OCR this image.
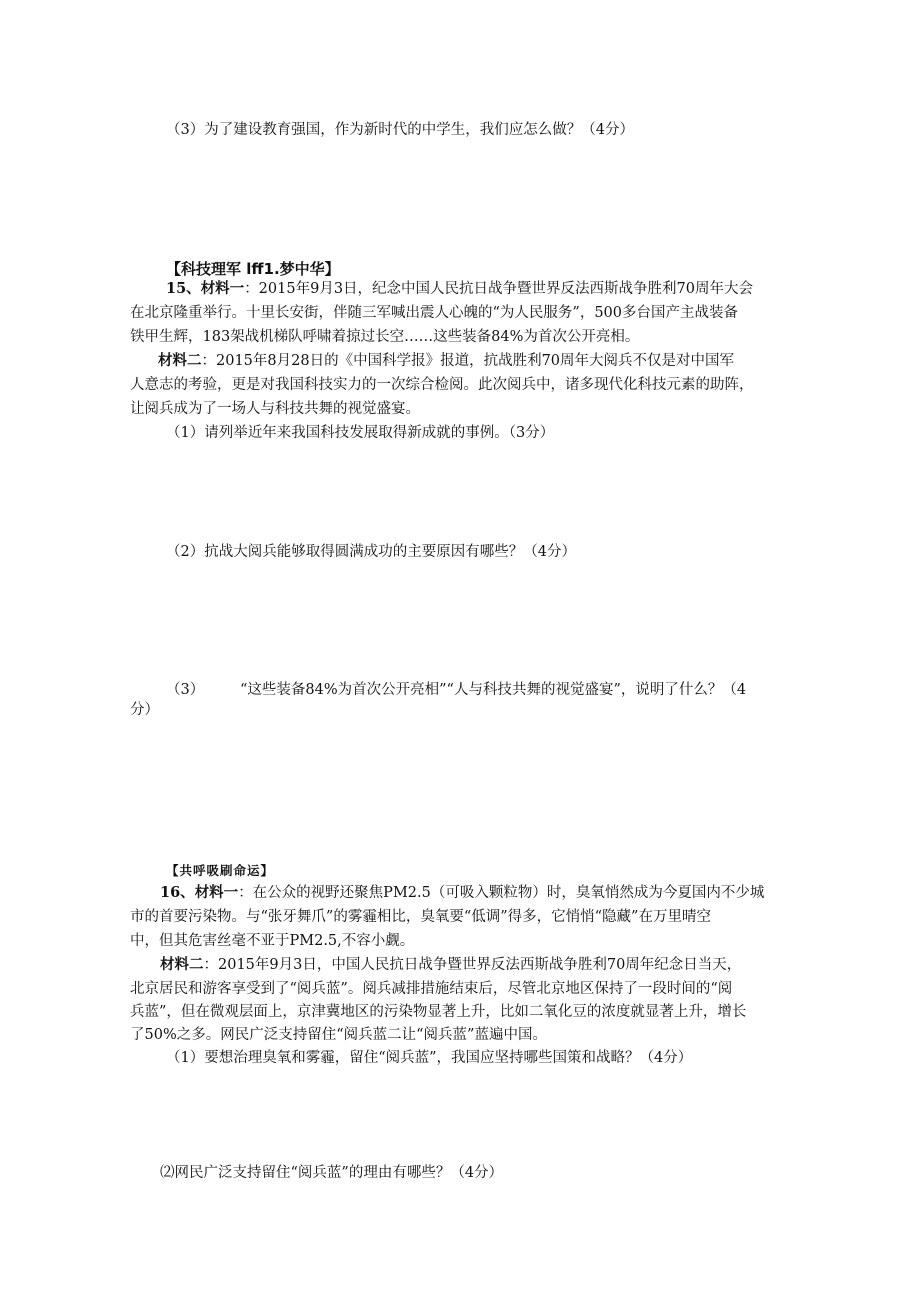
（3）为了建设教育强国，作为新时代的中学生，我们应怎么做？（4分）
【科技理军 lff1.梦中华】
15、材料一：2015年9月3日，纪念中国人民抗日战争暨世界反法西斯战争胜利70周年大会
在北京隆重举行。十里长安街，伴随三军喊出震人心魄的“为人民服务”，500多台国产主战装备
铁甲生辉，183架战机梯队呼啸着掠过长空……这些装备84%为首次公开亮相。
材料二：2015年8月28日的《中国科学报》报道，抗战胜利70周年大阅兵不仅是对中国军
人意志的考验，更是对我国科技实力的一次综合检阅。此次阅兵中，诸多现代化科技元素的助阵，
让阅兵成为了一场人与科技共舞的视觉盛宴。
（1）请列举近年来我国科技发展取得新成就的事例。（3分）
（2）抗战大阅兵能够取得圆满成功的主要原因有哪些？（4分）
（3） “这些装备84%为首次公开亮相”“人与科技共舞的视觉盛宴”，说明了什么？（4
分）
【共呼吸刷命运】
16、材料一：在公众的视野还聚焦PM2.5（可吸入颗粒物）时，臭氧悄然成为今夏国内不少城
市的首要污染物。与“张牙舞爪”的雾霾相比，臭氧要“低调”得多，它悄悄“隐藏”在万里晴空
中，但其危害丝毫不亚于PM2.5,不容小觑。
材料二：2015年9月3日，中国人民抗日战争暨世界反法西斯战争胜利70周年纪念日当天，
北京居民和游客享受到了“阅兵蓝”。阅兵减排措施结束后，尽管北京地区保持了一段时间的“阅
兵蓝”，但在微观层面上，京津冀地区的污染物显著上升，比如二氧化豆的浓度就显著上升，增长
了50%之多。网民广泛支持留住“阅兵蓝二让“阅兵蓝”蓝遍中国。
（1）要想治理臭氧和雾霾，留住“阅兵蓝”，我国应坚持哪些国策和战略？（4分）
⑵网民广泛支持留住“阅兵蓝”的理由有哪些？（4分）
